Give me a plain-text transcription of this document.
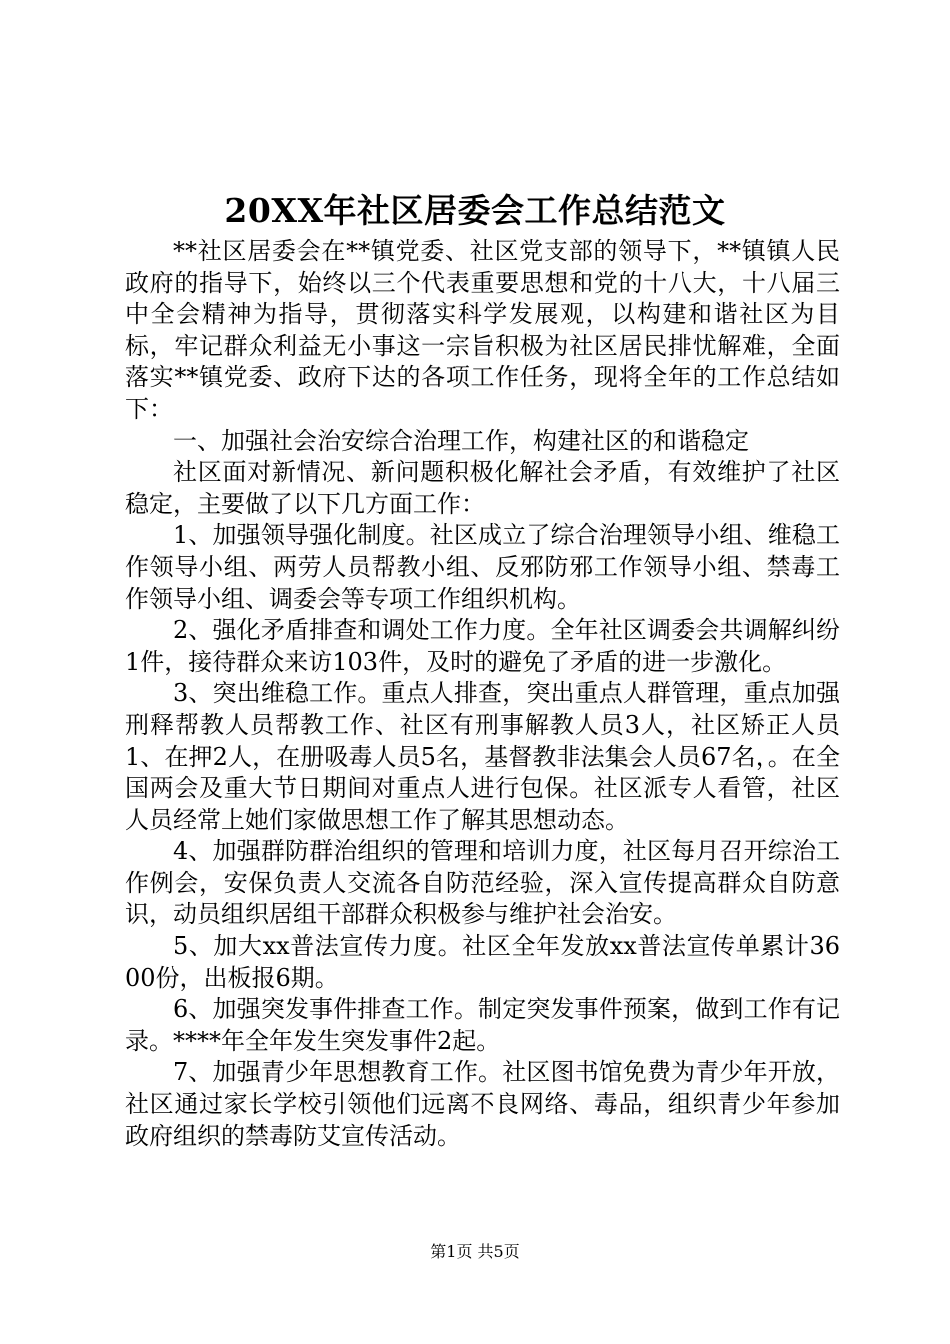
20XX年社区居委会工作总结范文

**社区居委会在**镇党委、社区党支部的领导下，**镇镇人民政府的指导下，始终以三个代表重要思想和党的十八大，十八届三中全会精神为指导，贯彻落实科学发展观，以构建和谐社区为目标，牢记群众利益无小事这一宗旨积极为社区居民排忧解难，全面落实**镇党委、政府下达的各项工作任务，现将全年的工作总结如下：

一、加强社会治安综合治理工作，构建社区的和谐稳定

社区面对新情况、新问题积极化解社会矛盾，有效维护了社区稳定，主要做了以下几方面工作：

1、加强领导强化制度。社区成立了综合治理领导小组、维稳工作领导小组、两劳人员帮教小组、反邪防邪工作领导小组、禁毒工作领导小组、调委会等专项工作组织机构。

2、强化矛盾排查和调处工作力度。全年社区调委会共调解纠纷1件，接待群众来访103件，及时的避免了矛盾的进一步激化。

3、突出维稳工作。重点人排查，突出重点人群管理，重点加强刑释帮教人员帮教工作、社区有刑事解教人员3人，社区矫正人员1、在押2人，在册吸毒人员5名，基督教非法集会人员67名，。在全国两会及重大节日期间对重点人进行包保。社区派专人看管，社区人员经常上她们家做思想工作了解其思想动态。

4、加强群防群治组织的管理和培训力度，社区每月召开综治工作例会，安保负责人交流各自防范经验，深入宣传提高群众自防意识，动员组织居组干部群众积极参与维护社会治安。

5、加大xx普法宣传力度。社区全年发放xx普法宣传单累计3600份，出板报6期。

6、加强突发事件排查工作。制定突发事件预案，做到工作有记录。****年全年发生突发事件2起。

7、加强青少年思想教育工作。社区图书馆免费为青少年开放，社区通过家长学校引领他们远离不良网络、毒品，组织青少年参加政府组织的禁毒防艾宣传活动。

第1页 共5页
